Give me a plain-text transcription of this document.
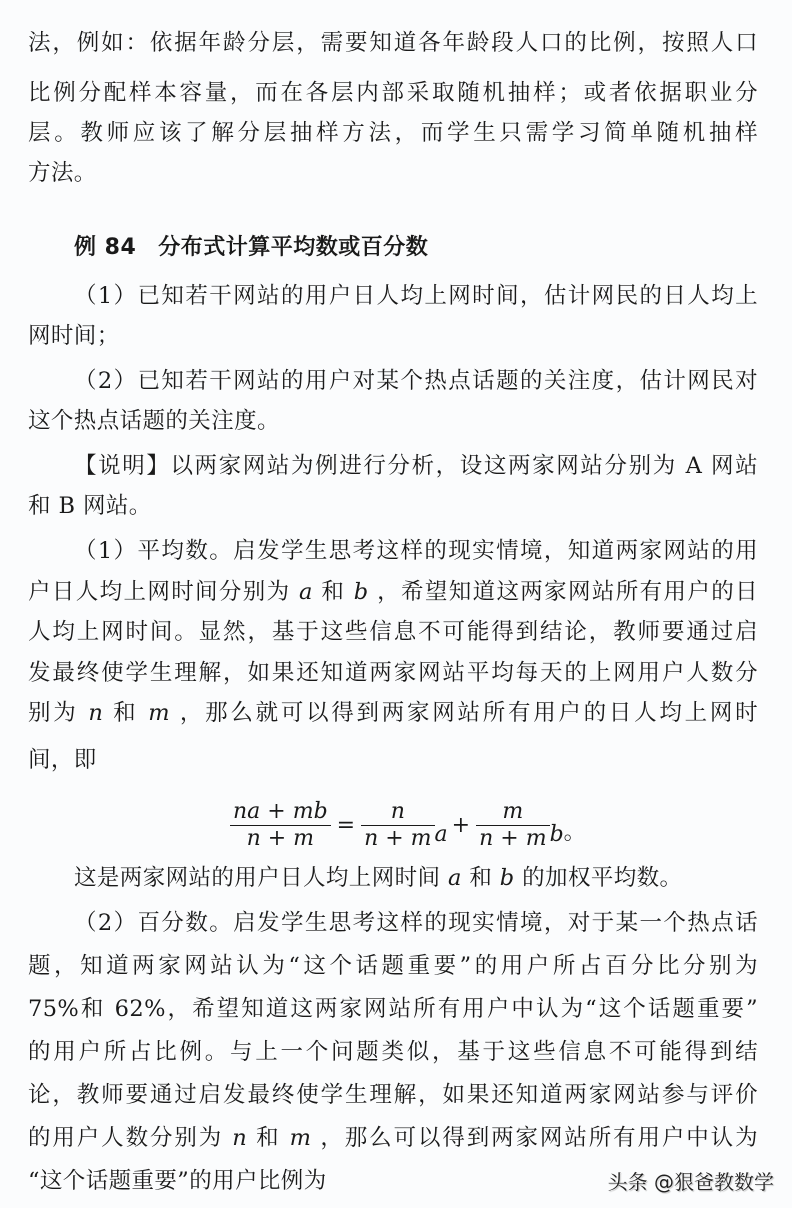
法，例如：依据年龄分层，需要知道各年龄段人口的比例，按照人口
比例分配样本容量，而在各层内部采取随机抽样；或者依据职业分
层。教师应该了解分层抽样方法，而学生只需学习简单随机抽样
方法。
例 84 分布式计算平均数或百分数
（1）已知若干网站的用户日人均上网时间，估计网民的日人均上
网时间；
（2）已知若干网站的用户对某个热点话题的关注度，估计网民对
这个热点话题的关注度。
【说明】以两家网站为例进行分析，设这两家网站分别为 A 网站
和 B 网站。
（1）平均数。启发学生思考这样的现实情境，知道两家网站的用
户日人均上网时间分别为 a 和 b ，希望知道这两家网站所有用户的日
人均上网时间。显然，基于这些信息不可能得到结论，教师要通过启
发最终使学生理解，如果还知道两家网站平均每天的上网用户人数分
别为 n 和 m ，那么就可以得到两家网站所有用户的日人均上网时
间，即
$\frac{na + mb}{n + m} = \frac{n}{n + m}$ $a + \frac{m}{n + m}$ b 。
这是两家网站的用户日人均上网时间 a 和 b 的加权平均数。
（2）百分数。启发学生思考这样的现实情境，对于某一个热点话
题，知道两家网站认为“这个话题重要”的用户所占百分比分别为
75%和 62%，希望知道这两家网站所有用户中认为“这个话题重要”
的用户所占比例。与上一个问题类似，基于这些信息不可能得到结
论，教师要通过启发最终使学生理解，如果还知道两家网站参与评价
的用户人数分别为 n 和 m ，那么可以得到两家网站所有用户中认为
“这个话题重要”的用户比例为	头条 @狠爸教数学
